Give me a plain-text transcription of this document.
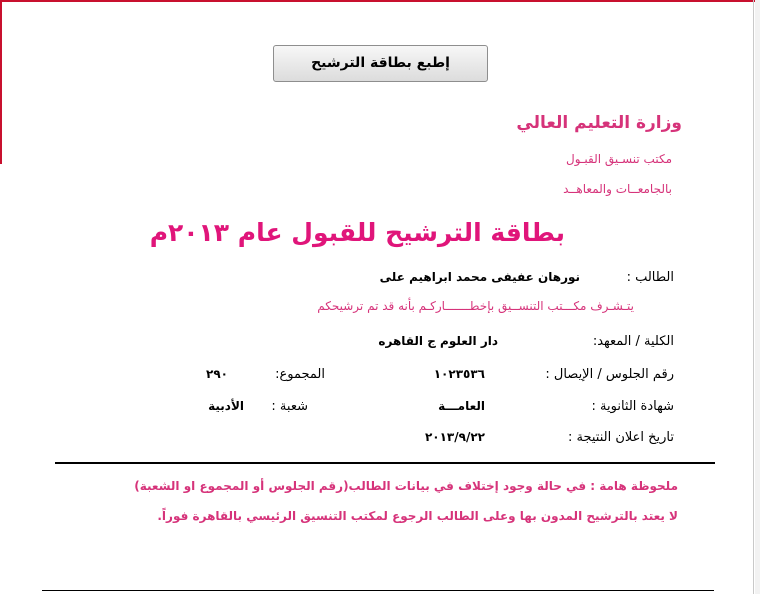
إطبع بطاقة الترشيح
وزارة التعليم العالي
مكتب تنسـيق القبـول
بالجامعــات والمعاهــد
بطاقة الترشيح للقبول عام ٢٠١٣م
الطالب :
نورهان عفيفى محمد ابراهيم على
يتـشـرف مكـــتب التنســيق بإخطـــــــاركـم بأنه قد تم ترشيحكم
الكلية / المعهد:
دار العلوم ج القاهره
رقم الجلوس / الإيصال :
١٠٢٣٥٣٦
المجموع:
٢٩٠
شهادة الثانوية :
العامـــة
شعبة :
الأدبية
تاريخ اعلان النتيجة :
٢٠١٣/٩/٢٢
ملحوظة هامة : في حالة وجود إختلاف في بيانات الطالب(رقم الجلوس أو المجموع او الشعبة)
لا يعتد بالترشيح المدون بها وعلى الطالب الرجوع لمكتب التنسيق الرئيسي بالقاهرة فوراً.
